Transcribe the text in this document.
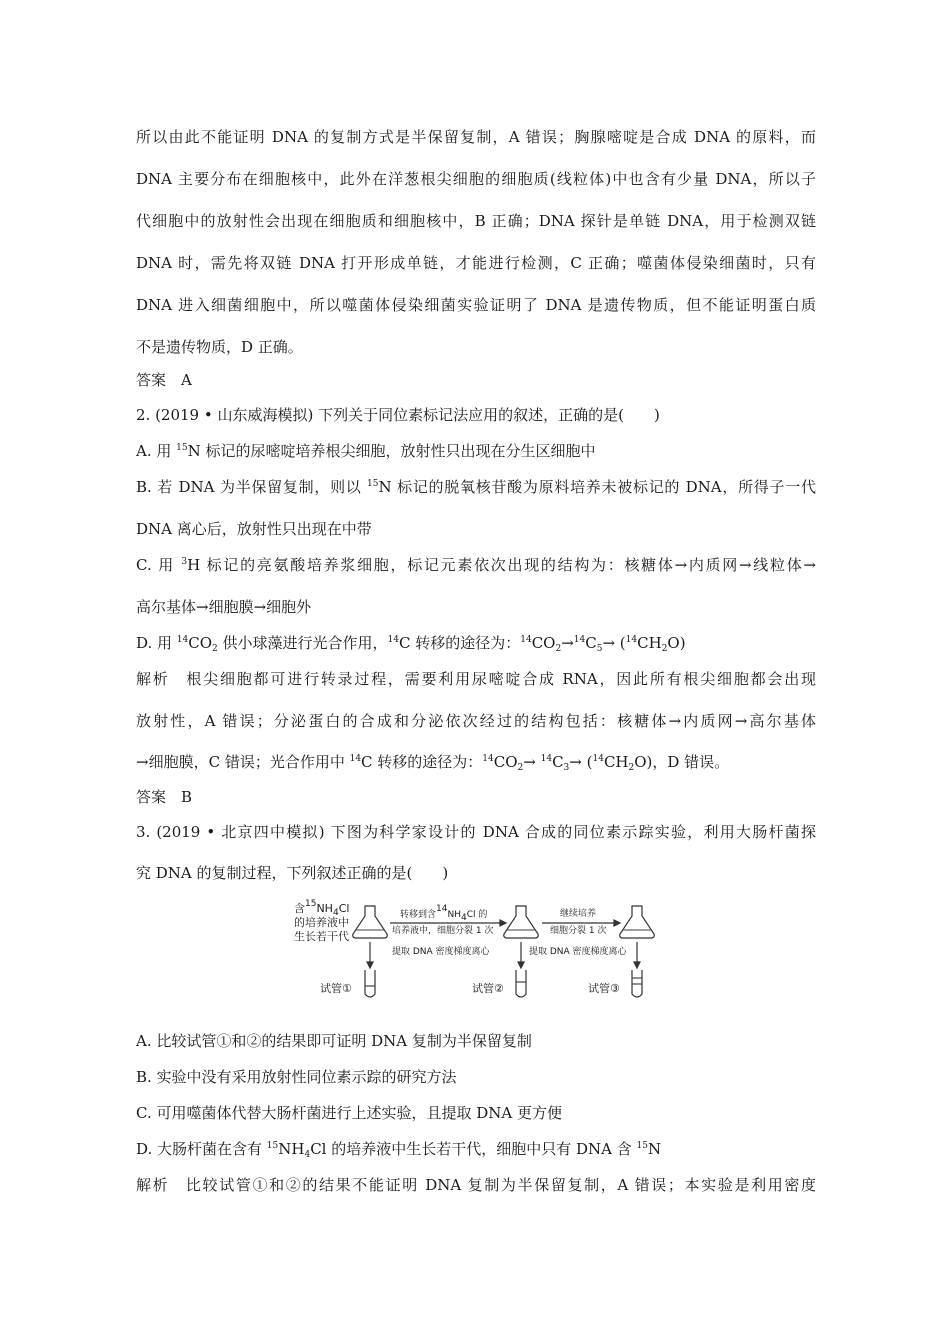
所以由此不能证明 DNA 的复制方式是半保留复制，A 错误；胸腺嘧啶是合成 DNA 的原料，而
DNA 主要分布在细胞核中，此外在洋葱根尖细胞的细胞质(线粒体)中也含有少量 DNA，所以子
代细胞中的放射性会出现在细胞质和细胞核中，B 正确；DNA 探针是单链 DNA，用于检测双链
DNA 时，需先将双链 DNA 打开形成单链，才能进行检测，C 正确；噬菌体侵染细菌时，只有
DNA 进入细菌细胞中，所以噬菌体侵染细菌实验证明了 DNA 是遗传物质，但不能证明蛋白质
不是遗传物质，D 正确。
答案　A
2. (2019 • 山东威海模拟) 下列关于同位素标记法应用的叙述，正确的是(　　)
A. 用 $^{15}$N 标记的尿嘧啶培养根尖细胞，放射性只出现在分生区细胞中
B. 若 DNA 为半保留复制，则以 $^{15}$N 标记的脱氧核苷酸为原料培养未被标记的 DNA，所得子一代
DNA 离心后，放射性只出现在中带
C. 用 $^3$H 标记的亮氨酸培养浆细胞，标记元素依次出现的结构为：核糖体→内质网→线粒体→
高尔基体→细胞膜→细胞外
D. 用 $^{14}CO_2$ 供小球藻进行光合作用，$^{14}$C 转移的途径为：$^{14}CO_2\to^{14}C_5\to (^{14}CH_2O)$
解析　根尖细胞都可进行转录过程，需要利用尿嘧啶合成 RNA，因此所有根尖细胞都会出现
放射性，A 错误；分泌蛋白的合成和分泌依次经过的结构包括：核糖体→内质网→高尔基体
→细胞膜，C 错误；光合作用中 $^{14}$C 转移的途径为：$^{14}CO_2\to ^{14}C_3\to (^{14}CH_2O)$，D 错误。
答案　B
3. (2019 • 北京四中模拟) 下图为科学家设计的 DNA 合成的同位素示踪实验，利用大肠杆菌探
究 DNA 的复制过程，下列叙述正确的是(　　)
含$^{15}NH_4Cl$
的培养液中
生长若干代
转移到含$^{14}NH_4Cl$ 的
培养液中，细胞分裂 1 次
继续培养
细胞分裂 1 次
提取 DNA 密度梯度离心	提取 DNA 密度梯度离心
试管①	试管②	试管③
A. 比较试管①和②的结果即可证明 DNA 复制为半保留复制
B. 实验中没有采用放射性同位素示踪的研究方法
C. 可用噬菌体代替大肠杆菌进行上述实验，且提取 DNA 更方便
D. 大肠杆菌在含有 $^{15}NH_4Cl$ 的培养液中生长若干代，细胞中只有 DNA 含 $^{15}$N
解析　比较试管①和②的结果不能证明 DNA 复制为半保留复制，A 错误；本实验是利用密度
